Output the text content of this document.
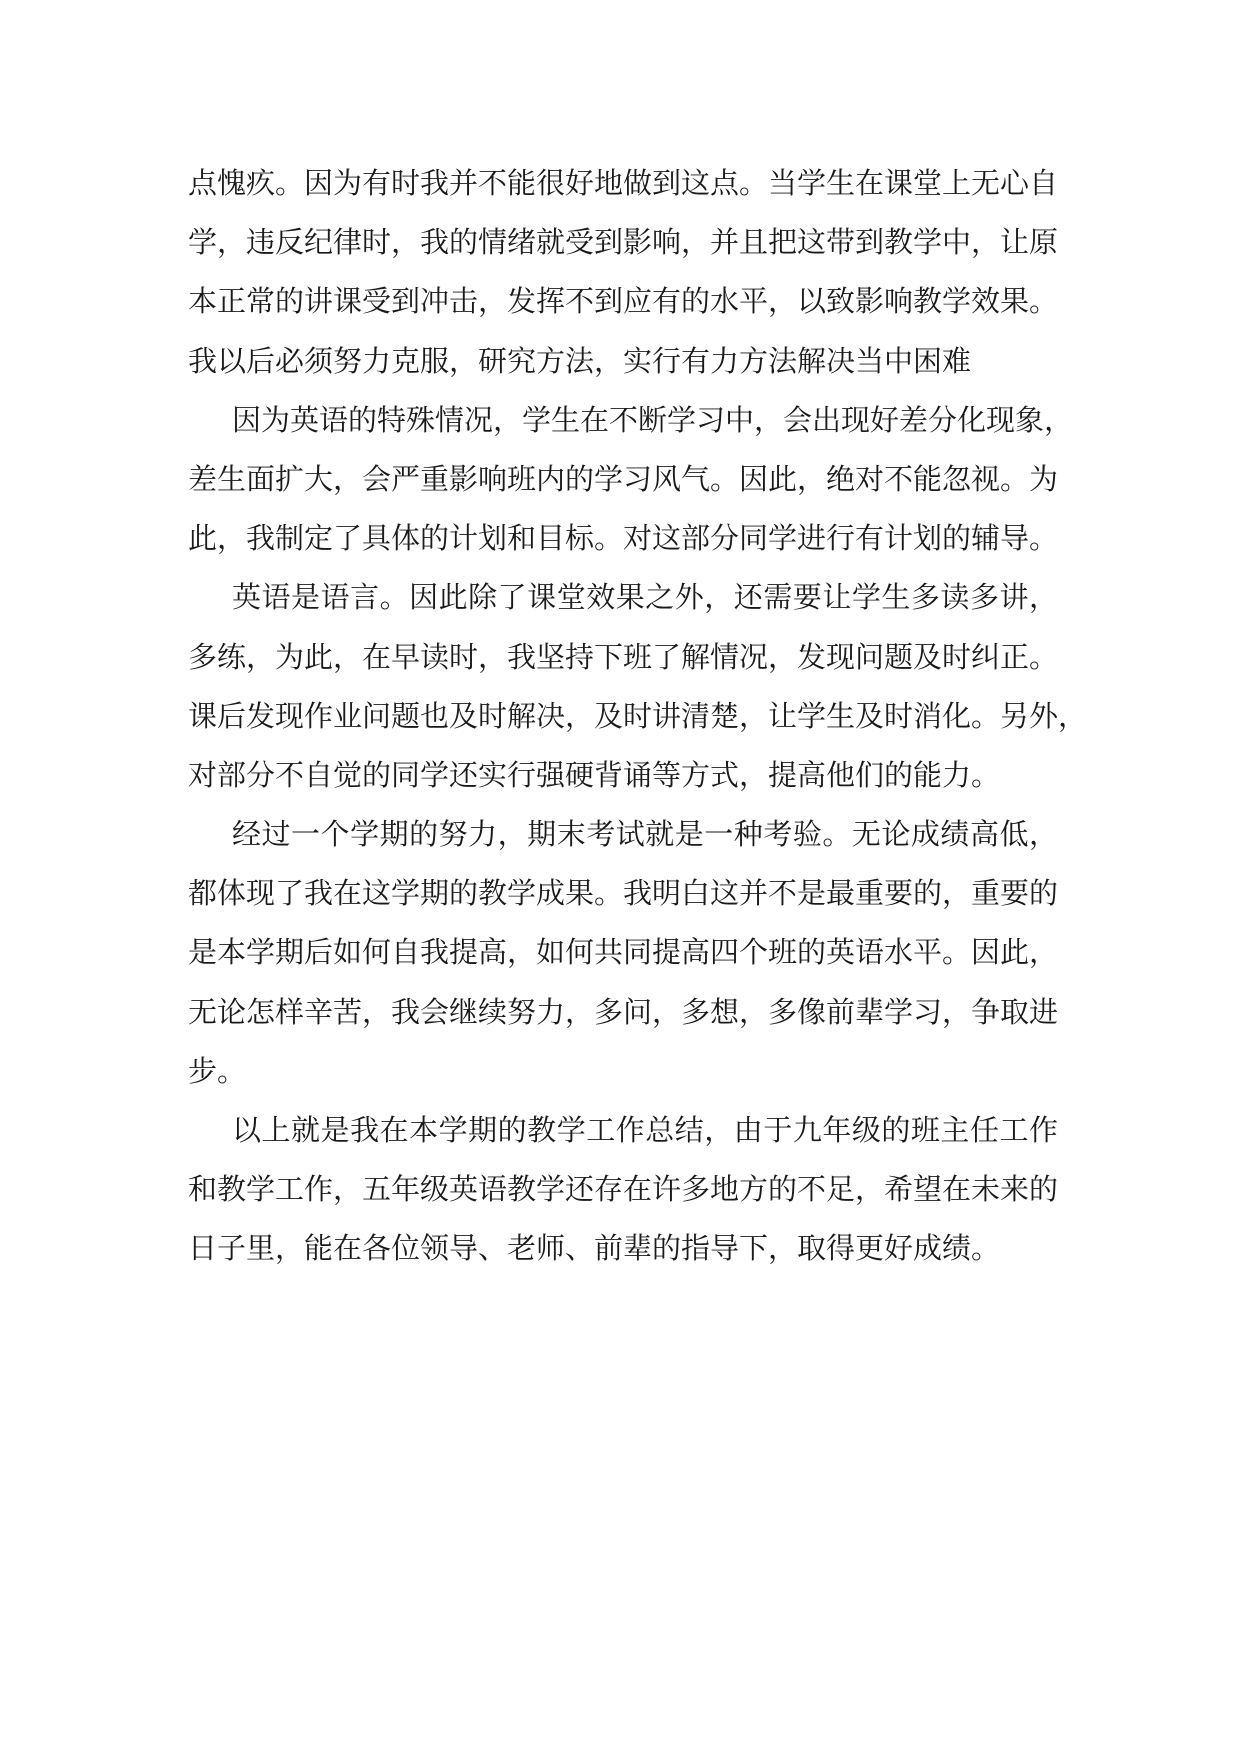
点愧疚。因为有时我并不能很好地做到这点。当学生在课堂上无心自
学，违反纪律时，我的情绪就受到影响，并且把这带到教学中，让原
本正常的讲课受到冲击，发挥不到应有的水平，以致影响教学效果。
我以后必须努力克服，研究方法，实行有力方法解决当中困难
因为英语的特殊情况，学生在不断学习中，会出现好差分化现象，
差生面扩大，会严重影响班内的学习风气。因此，绝对不能忽视。为
此，我制定了具体的计划和目标。对这部分同学进行有计划的辅导。
英语是语言。因此除了课堂效果之外，还需要让学生多读多讲，
多练，为此，在早读时，我坚持下班了解情况，发现问题及时纠正。
课后发现作业问题也及时解决，及时讲清楚，让学生及时消化。另外，
对部分不自觉的同学还实行强硬背诵等方式，提高他们的能力。
经过一个学期的努力，期末考试就是一种考验。无论成绩高低，
都体现了我在这学期的教学成果。我明白这并不是最重要的，重要的
是本学期后如何自我提高，如何共同提高四个班的英语水平。因此，
无论怎样辛苦，我会继续努力，多问，多想，多像前辈学习，争取进
步。
以上就是我在本学期的教学工作总结，由于九年级的班主任工作
和教学工作，五年级英语教学还存在许多地方的不足，希望在未来的
日子里，能在各位领导、老师、前辈的指导下，取得更好成绩。
